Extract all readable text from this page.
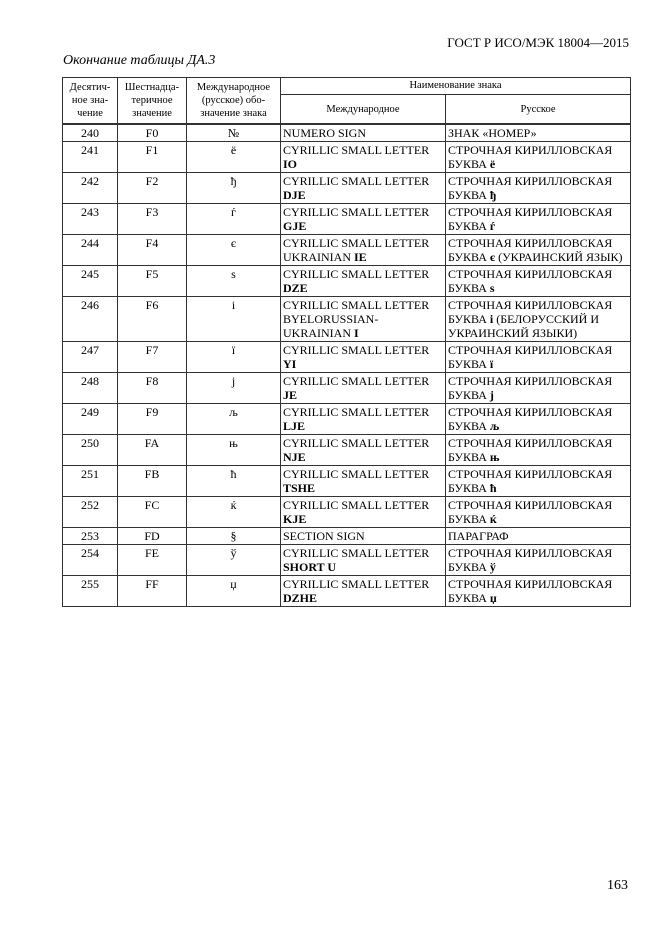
ГОСТ Р ИСО/МЭК 18004—2015
Окончание таблицы ДА.3
Десятич-ное зна-чение	Шестнадца-теричное значение	Международное (русское) обо-значение знака	Наименование знака	
			Международное	Русское
240	F0	№	NUMERO SIGN	ЗНАК «НОМЕР»
241	F1	ё	CYRILLIC SMALL LETTER IO	СТРОЧНАЯ КИРИЛЛОВСКАЯ БУКВА ё
242	F2	ђ	CYRILLIC SMALL LETTER DJE	СТРОЧНАЯ КИРИЛЛОВСКАЯ БУКВА ђ
243	F3	ѓ	CYRILLIC SMALL LETTER GJE	СТРОЧНАЯ КИРИЛЛОВСКАЯ БУКВА ѓ
244	F4	є	CYRILLIC SMALL LETTER UKRAINIAN IE	СТРОЧНАЯ КИРИЛЛОВСКАЯ БУКВА є (УКРАИНСКИЙ ЯЗЫК)
245	F5	ѕ	CYRILLIC SMALL LETTER DZE	СТРОЧНАЯ КИРИЛЛОВСКАЯ БУКВА ѕ
246	F6	і	CYRILLIC SMALL LETTER BYELORUSSIAN-UKRAINIAN I	СТРОЧНАЯ КИРИЛЛОВСКАЯ БУКВА і (БЕЛОРУССКИЙ И УКРАИНСКИЙ ЯЗЫКИ)
247	F7	ї	CYRILLIC SMALL LETTER YI	СТРОЧНАЯ КИРИЛЛОВСКАЯ БУКВА ї
248	F8	ј	CYRILLIC SMALL LETTER JE	СТРОЧНАЯ КИРИЛЛОВСКАЯ БУКВА ј
249	F9	љ	CYRILLIC SMALL LETTER LJE	СТРОЧНАЯ КИРИЛЛОВСКАЯ БУКВА љ
250	FA	њ	CYRILLIC SMALL LETTER NJE	СТРОЧНАЯ КИРИЛЛОВСКАЯ БУКВА њ
251	FB	ћ	CYRILLIC SMALL LETTER TSHE	СТРОЧНАЯ КИРИЛЛОВСКАЯ БУКВА ћ
252	FC	ќ	CYRILLIC SMALL LETTER KJE	СТРОЧНАЯ КИРИЛЛОВСКАЯ БУКВА ќ
253	FD	§	SECTION SIGN	ПАРАГРАФ
254	FE	ў	CYRILLIC SMALL LETTER SHORT U	СТРОЧНАЯ КИРИЛЛОВСКАЯ БУКВА ў
255	FF	џ	CYRILLIC SMALL LETTER DZHE	СТРОЧНАЯ КИРИЛЛОВСКАЯ БУКВА џ
163
